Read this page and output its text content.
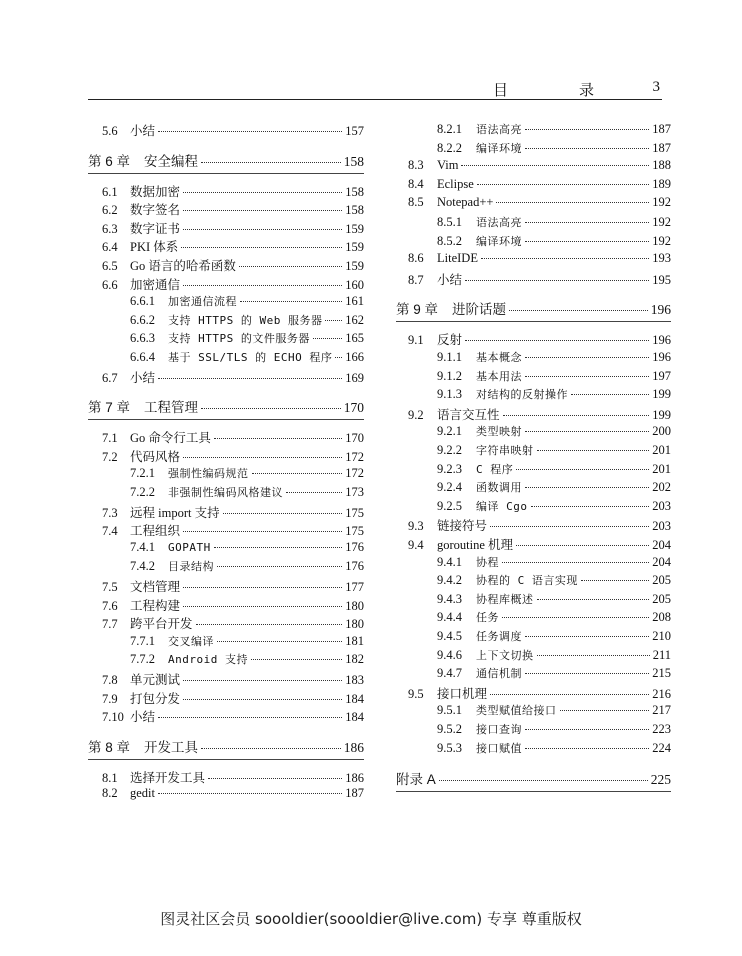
目　录 3
5.6 小结	157
第 6 章 安全编程	158
6.1 数据加密	158
6.2 数字签名	158
6.3 数字证书	159
6.4 PKI 体系	159
6.5 Go 语言的哈希函数	159
6.6 加密通信	160
6.6.1	加密通信流程	161
6.6.2	支持 HTTPS 的 Web 服务器 162
6.6.3	支持 HTTPS 的文件服务器	165
6.6.4	基于 SSL/TLS 的 ECHO 程序 166
6.7 小结	169
第 7 章 工程管理	170
7.1 Go 命令行工具	170
7.2 代码风格	172
7.2.1	强制性编码规范	172
7.2.2	非强制性编码风格建议	173
7.3 远程 import 支持	175
7.4 工程组织	175
7.4.1	GOPATH	176
7.4.2	目录结构	176
7.5 文档管理	177
7.6 工程构建	180
7.7 跨平台开发	180
7.7.1	交叉编译	181
7.7.2	Android 支持	182
7.8 单元测试	183
7.9 打包分发	184
7.10 小结	184
第 8 章 开发工具	186
8.1 选择开发工具	186
8.2 gedit	187
8.2.1	语法高亮	187
8.2.2	编译环境	187
8.3	Vim	188
8.4	Eclipse	189
8.5	Notepad++	192
8.5.1	语法高亮	192
8.5.2	编译环境	192
8.6	LiteIDE	193
8.7	小结	195
第 9 章 进阶话题	196
9.1	反射	196
9.1.1	基本概念	196
9.1.2	基本用法	197
9.1.3	对结构的反射操作	199
9.2	语言交互性	199
9.2.1	类型映射	200
9.2.2	字符串映射	201
9.2.3	C 程序	201
9.2.4	函数调用	202
9.2.5	编译 Cgo	203
9.3	链接符号	203
9.4	goroutine 机理	204
9.4.1	协程	204
9.4.2	协程的 C 语言实现	205
9.4.3	协程库概述	205
9.4.4	任务	208
9.4.5	任务调度	210
9.4.6	上下文切换	211
9.4.7	通信机制	215
9.5	接口机理	216
9.5.1	类型赋值给接口	217
9.5.2	接口查询	223
9.5.3	接口赋值	224
附录 A	225
图灵社区会员 soooldier(soooldier@live.com) 专享 尊重版权
